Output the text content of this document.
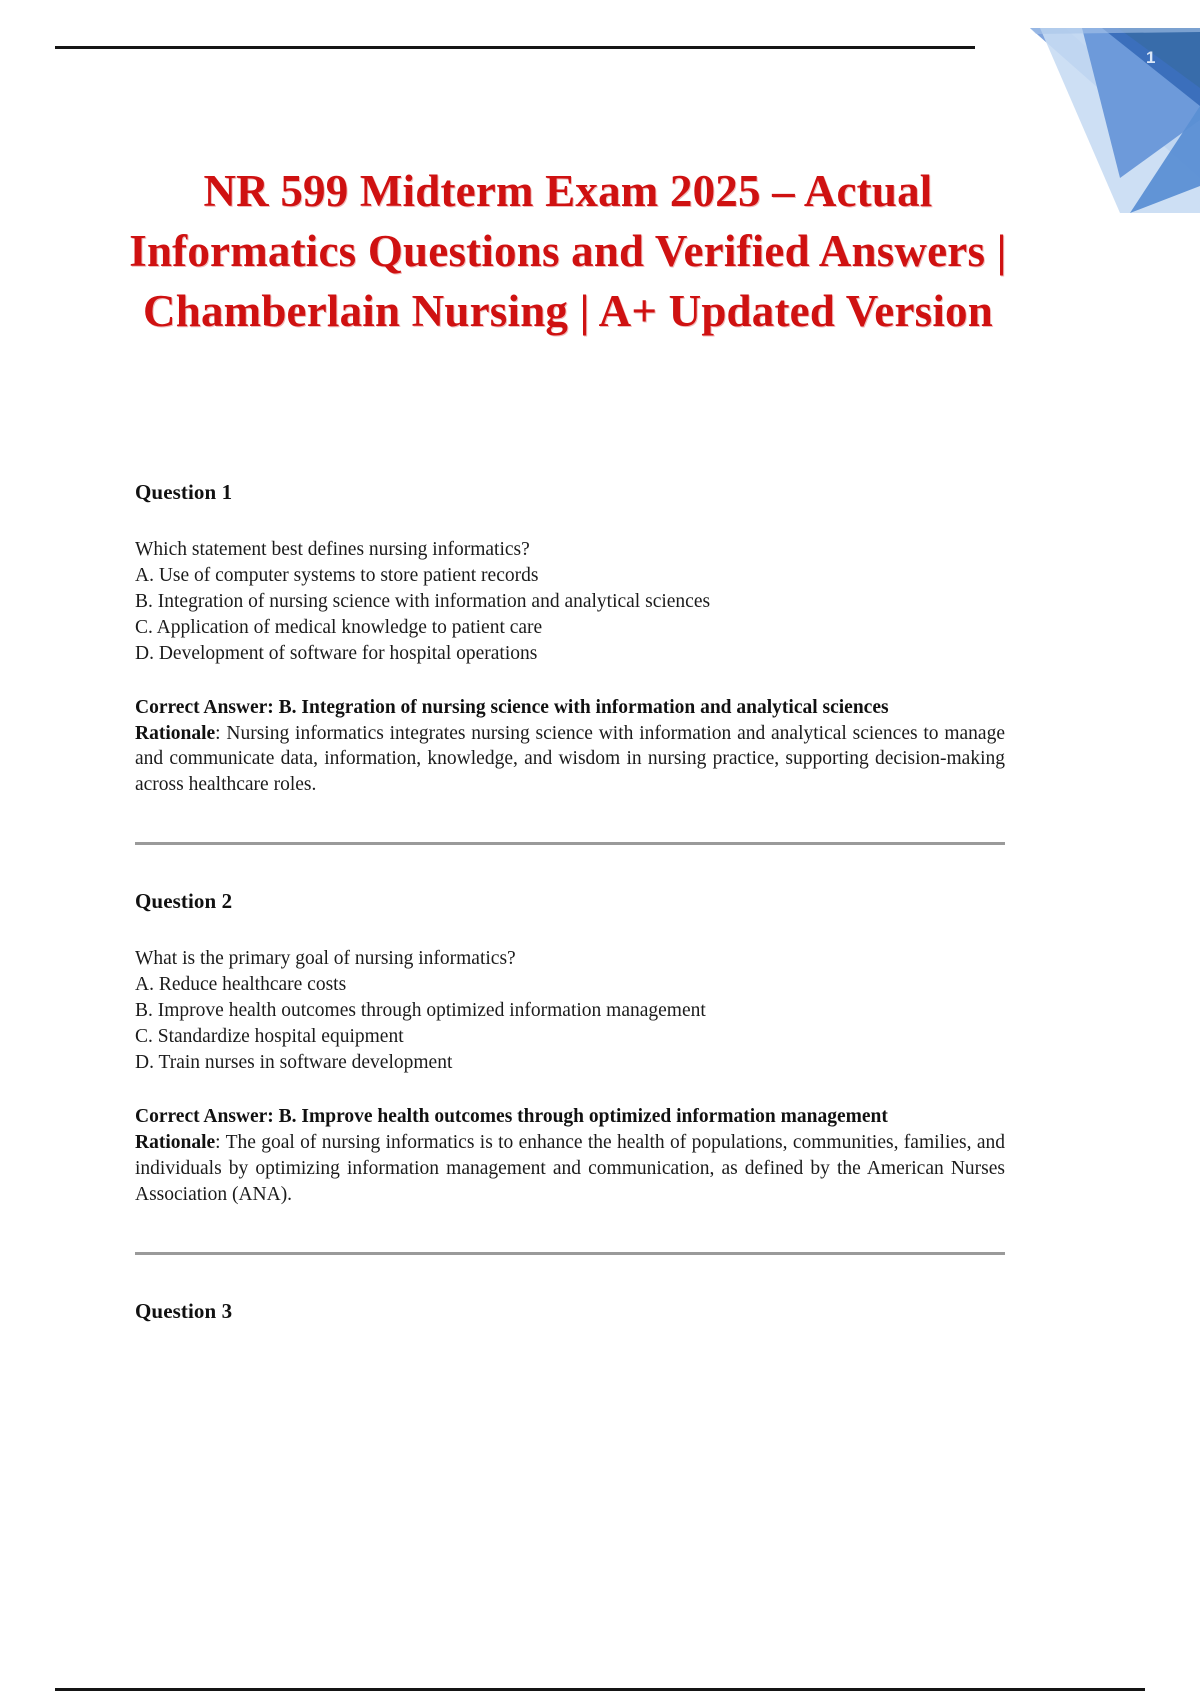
1
NR 599 Midterm Exam 2025 – Actual Informatics Questions and Verified Answers | Chamberlain Nursing | A+ Updated Version
Question 1

Which statement best defines nursing informatics?

A. Use of computer systems to store patient records

B. Integration of nursing science with information and analytical sciences

C. Application of medical knowledge to patient care

D. Development of software for hospital operations

Correct Answer: B. Integration of nursing science with information and analytical sciences

Rationale: Nursing informatics integrates nursing science with information and analytical sciences to manage and communicate data, information, knowledge, and wisdom in nursing practice, supporting decision-making across healthcare roles.

Question 2

What is the primary goal of nursing informatics?

A. Reduce healthcare costs

B. Improve health outcomes through optimized information management

C. Standardize hospital equipment

D. Train nurses in software development

Correct Answer: B. Improve health outcomes through optimized information management

Rationale: The goal of nursing informatics is to enhance the health of populations, communities, families, and individuals by optimizing information management and communication, as defined by the American Nurses Association (ANA).

Question 3
